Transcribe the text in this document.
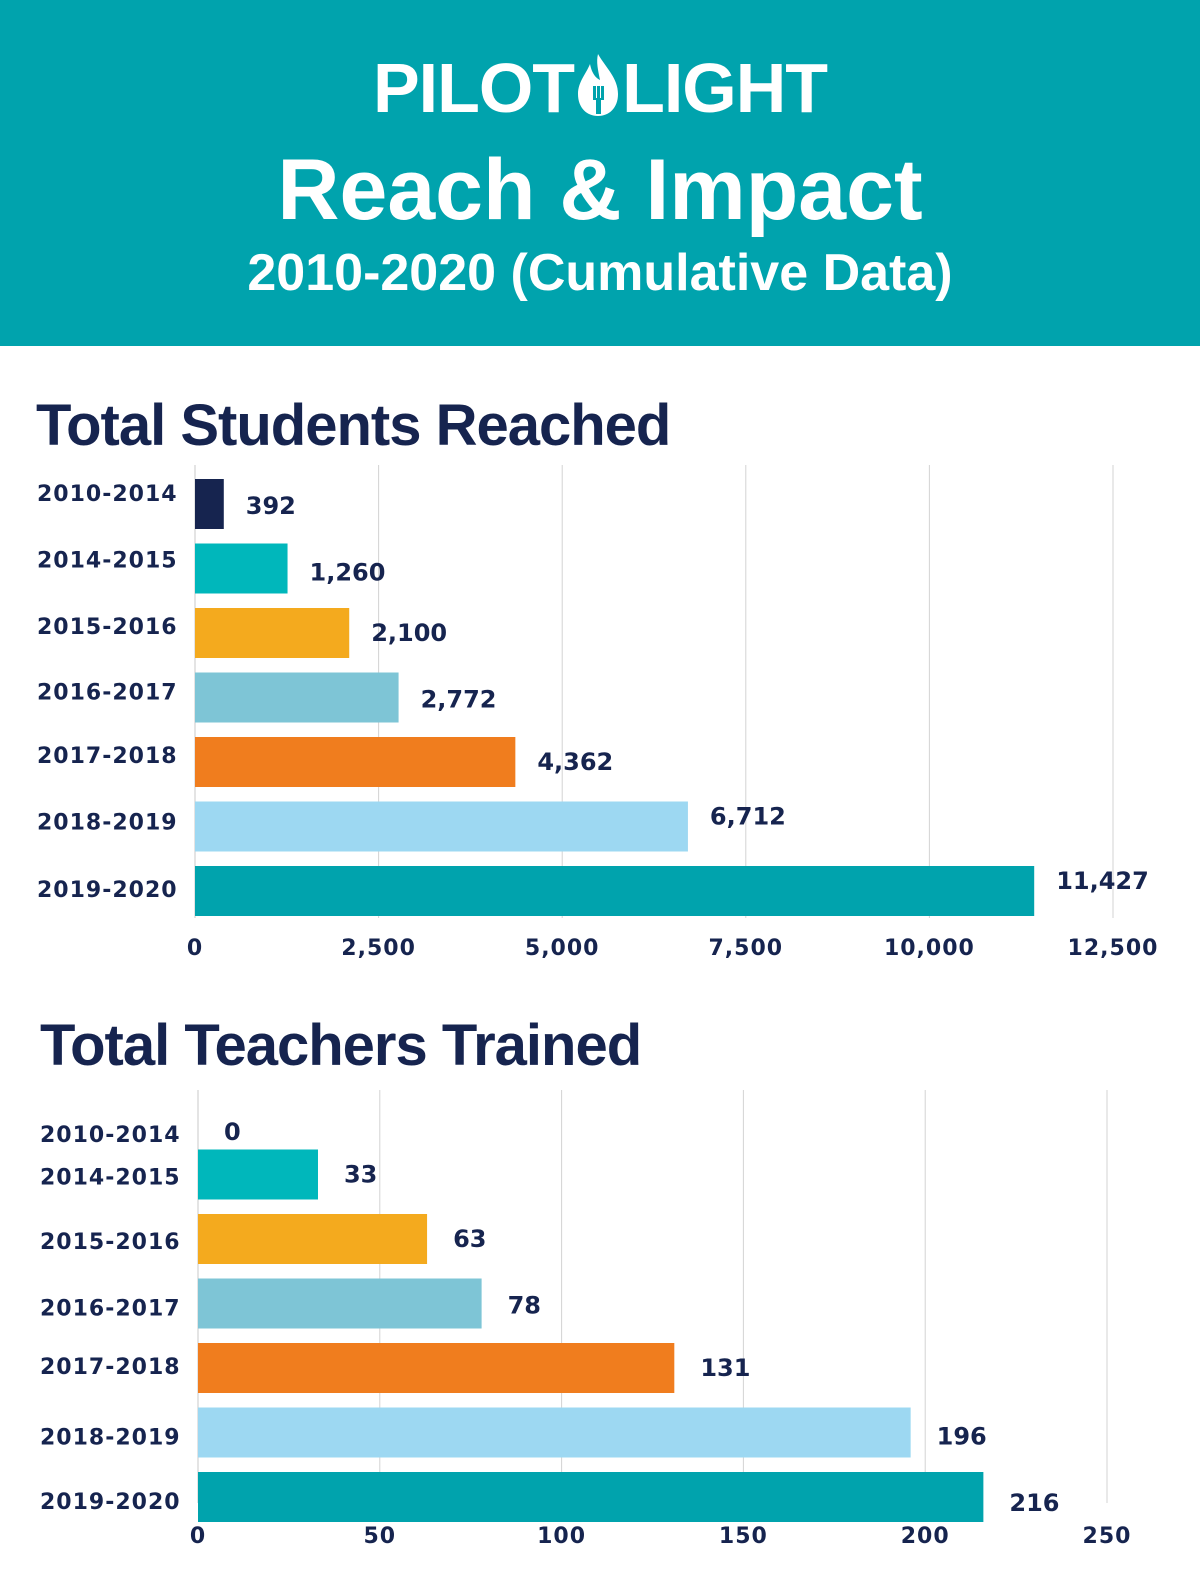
PILOT LIGHT
Reach & Impact
2010-2020 (Cumulative Data)
Total Students Reached
2010-2014	392
2014-2015	1,260
2015-2016	2,100
2016-2017	2,772
2017-2018	4,362
2018-2019	6,712
2019-2020	11,427
0	2,500	5,000	7,500	10,000	12,500
Total Teachers Trained
2010-2014 0
2014-2015	33
2015-2016	63
2016-2017	78
2017-2018	131
2018-2019	196
2019-2020	216
0	50	100	150	200	250
